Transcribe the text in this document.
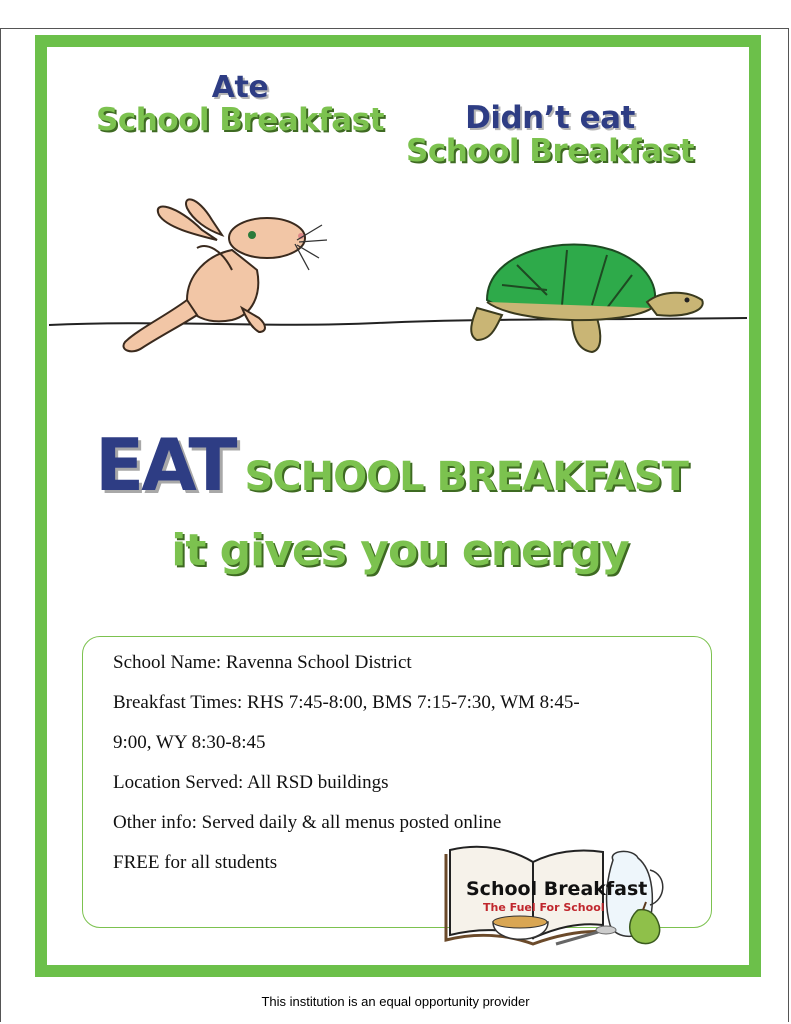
Ate
School Breakfast	Didn’t eat
School Breakfast
EAT SCHOOL BREAKFAST
it gives you energy
School Name: Ravenna School District
Breakfast Times: RHS 7:45-8:00, BMS 7:15-7:30, WM 8:45-
9:00, WY 8:30-8:45
Location Served: All RSD buildings
Other info: Served daily & all menus posted online
FREE for all students
School Breakfast
The Fuel For School
This institution is an equal opportunity provider
